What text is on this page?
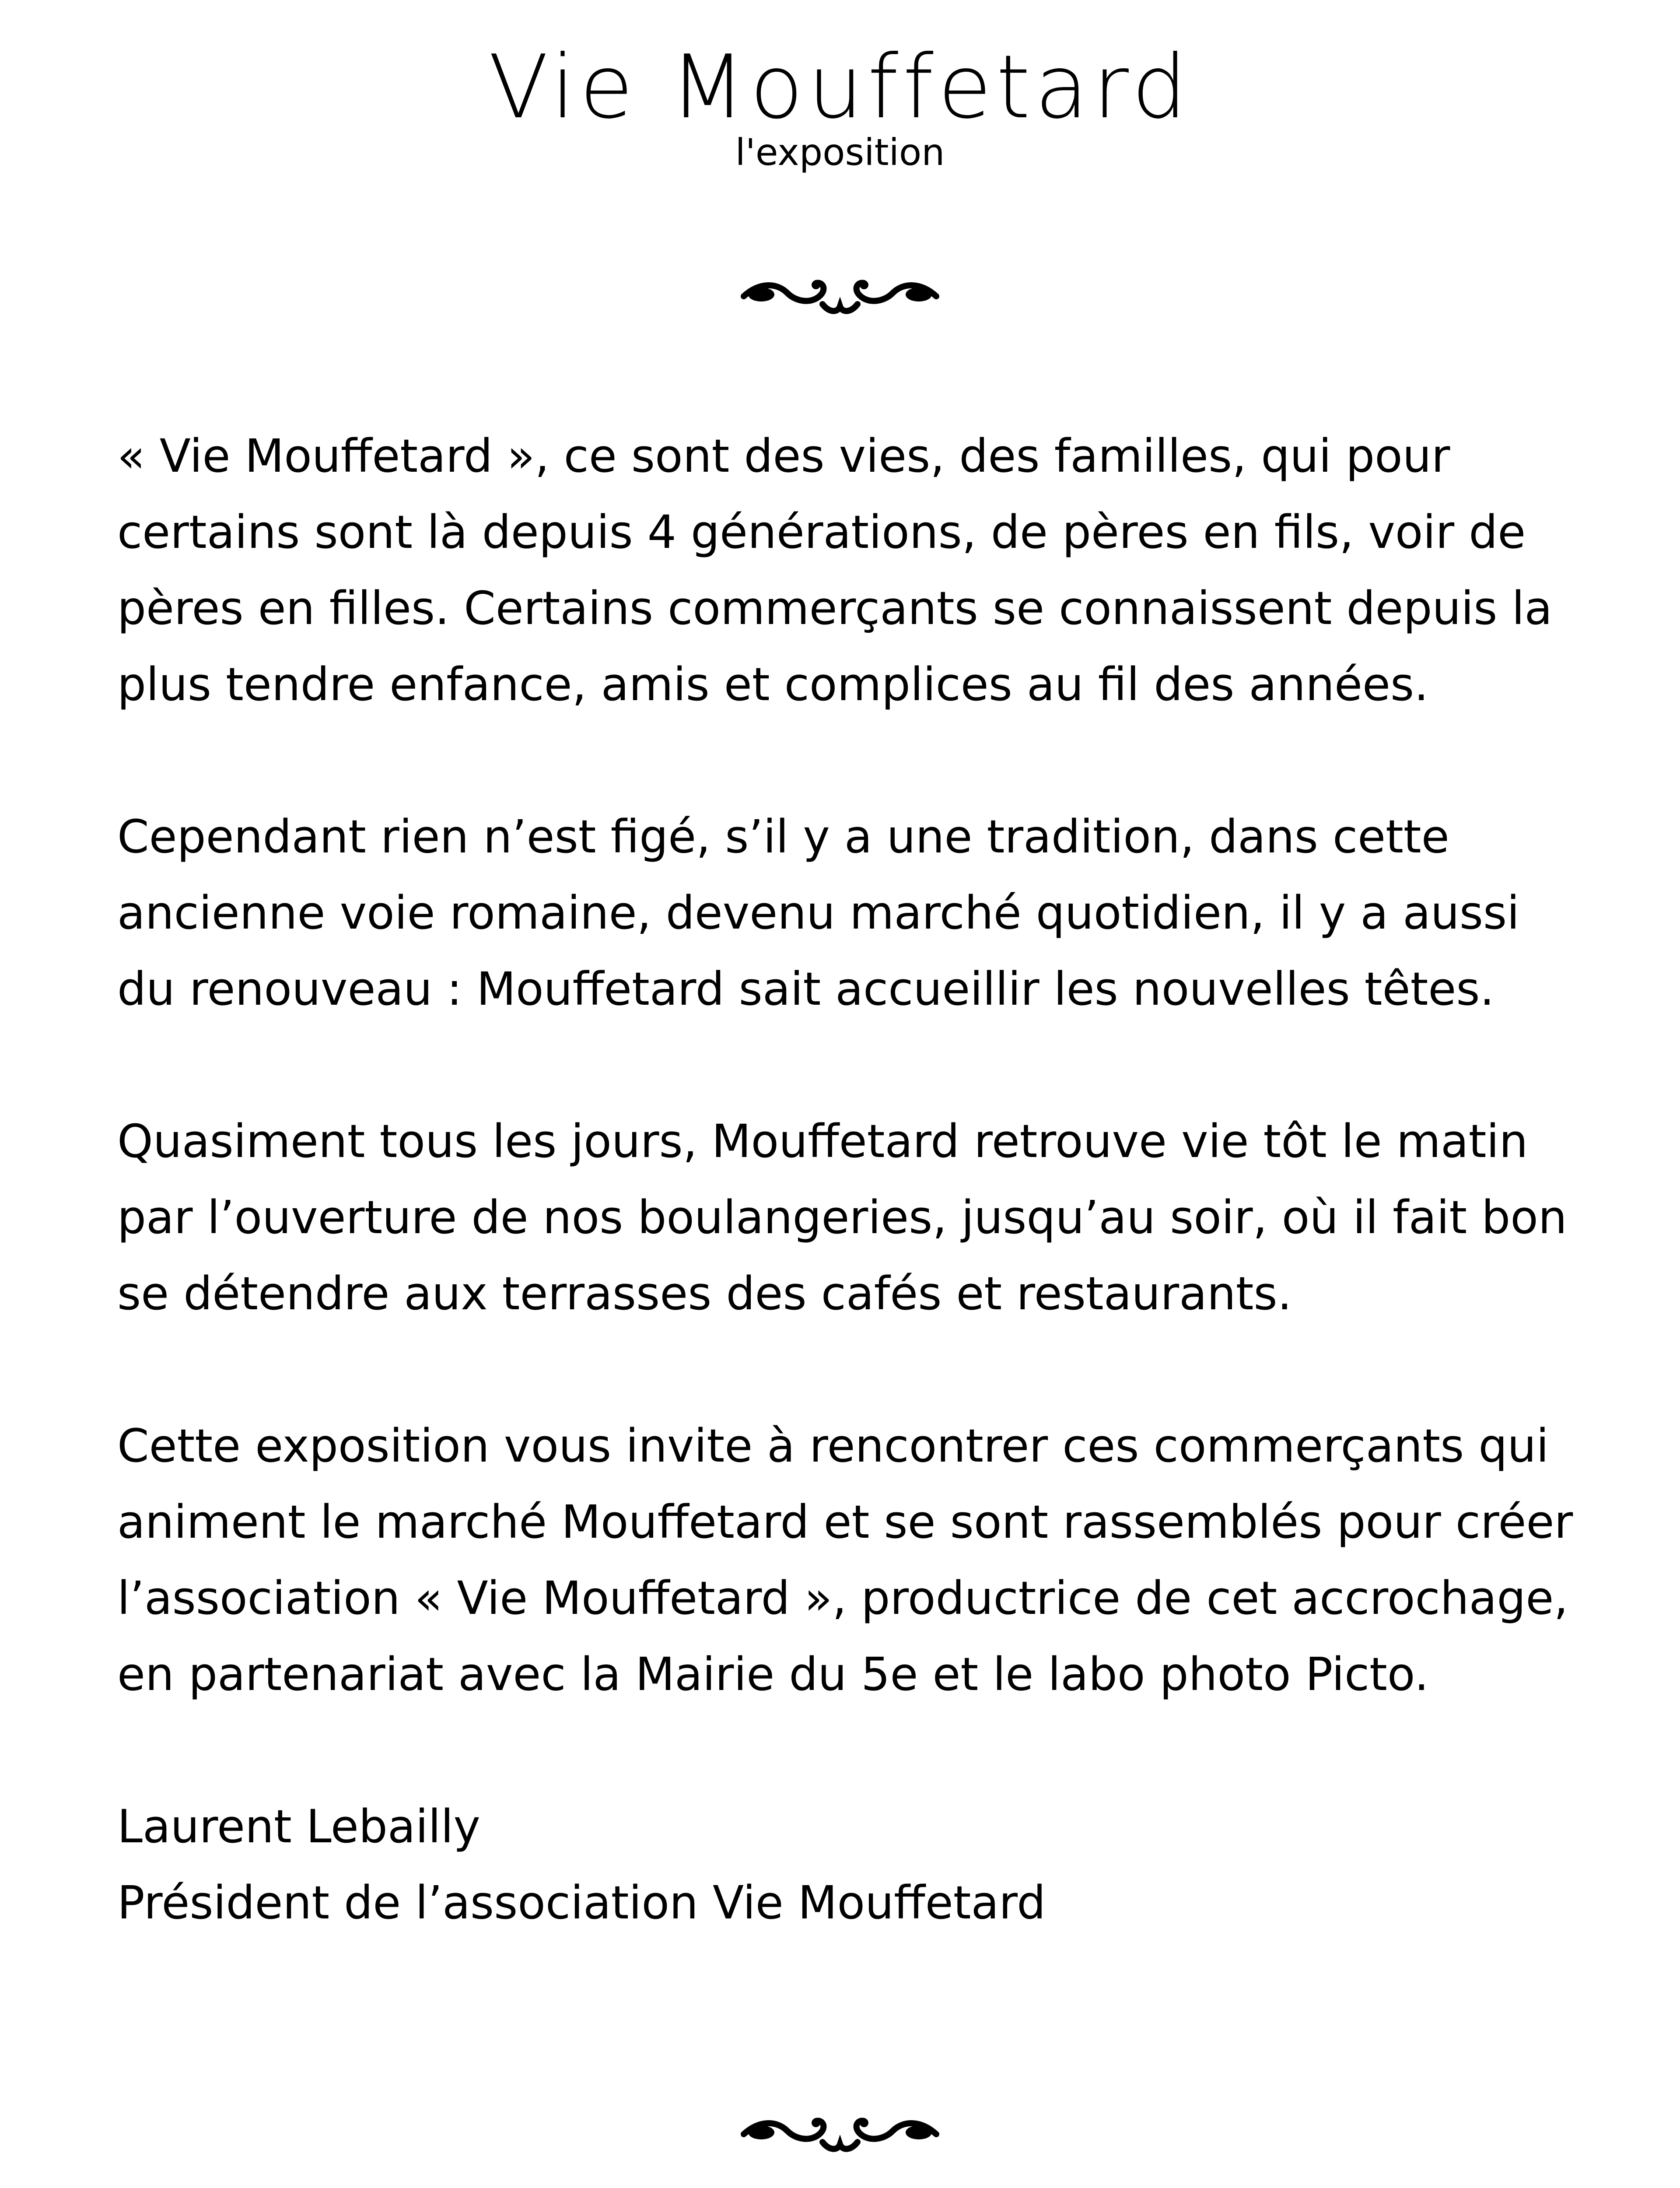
Vie Mouffetard
l'exposition

« Vie Mouffetard », ce sont des vies, des familles, qui pour certains sont là depuis 4 générations, de pères en fils, voir de pères en filles. Certains commerçants se connaissent depuis la plus tendre enfance, amis et complices au fil des années.

Cependant rien n’est figé, s’il y a une tradition, dans cette ancienne voie romaine, devenu marché quotidien, il y a aussi du renouveau : Mouffetard sait accueillir les nouvelles têtes.

Quasiment tous les jours, Mouffetard retrouve vie tôt le matin par l’ouverture de nos boulangeries, jusqu’au soir, où il fait bon se détendre aux terrasses des cafés et restaurants.

Cette exposition vous invite à rencontrer ces commerçants qui animent le marché Mouffetard et se sont rassemblés pour créer l’association « Vie Mouffetard », productrice de cet accrochage, en partenariat avec la Mairie du 5e et le labo photo Picto.

Laurent Lebailly

Président de l’association Vie Mouffetard
